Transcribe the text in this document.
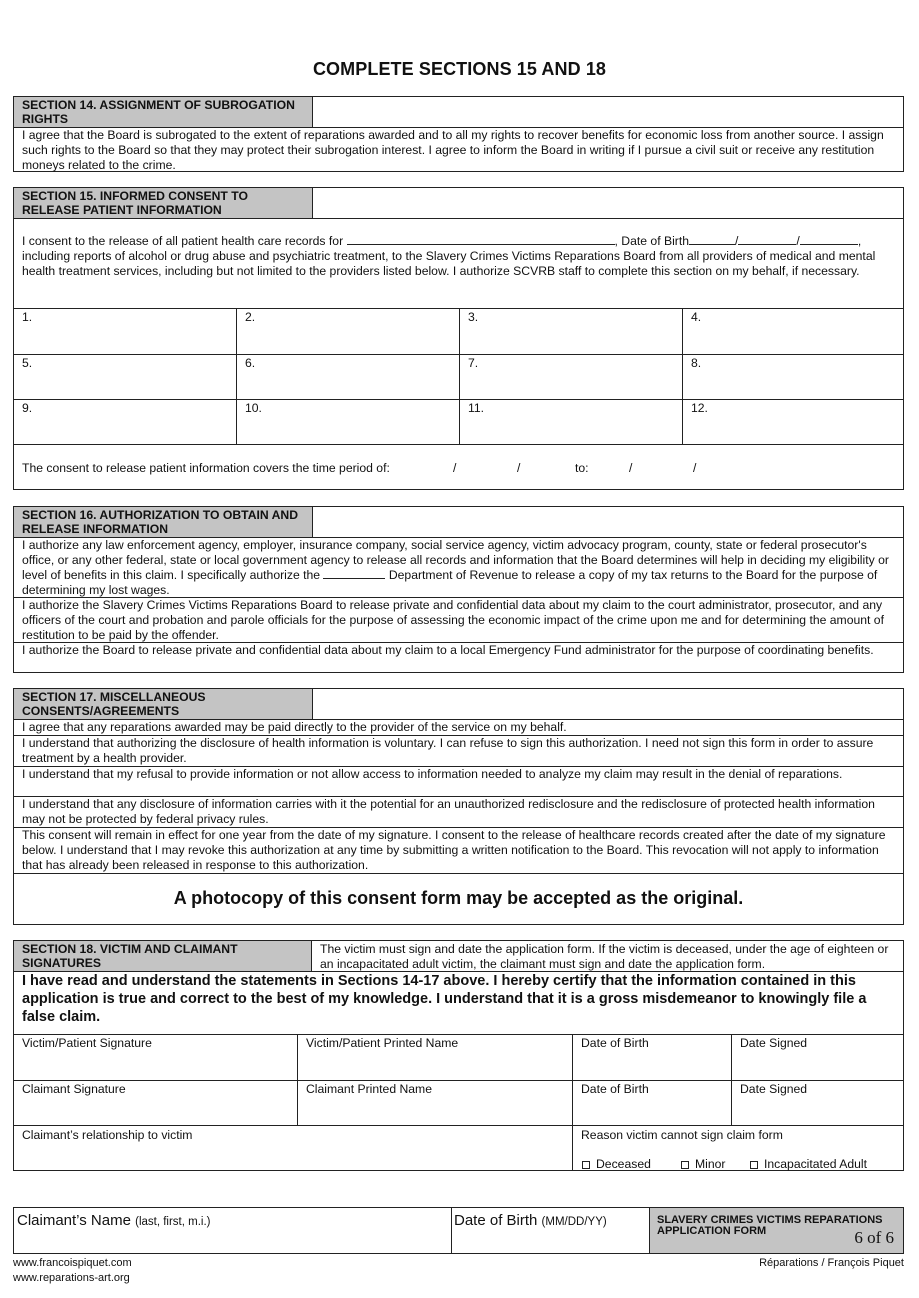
COMPLETE SECTIONS 15 AND 18
SECTION 14. ASSIGNMENT OF SUBROGATION RIGHTS
I agree that the Board is subrogated to the extent of reparations awarded and to all my rights to recover benefits for economic loss from another source. I assign such rights to the Board so that they may protect their subrogation interest. I agree to inform the Board in writing if I pursue a civil suit or receive any restitution moneys related to the crime.
SECTION 15. INFORMED CONSENT TO RELEASE PATIENT INFORMATION
I consent to the release of all patient health care records for	, Date of Birth	/	/	, including reports of alcohol or drug abuse and psychiatric treatment, to the Slavery Crimes Victims Reparations Board from all providers of medical and mental health treatment services, including but not limited to the providers listed below. I authorize SCVRB staff to complete this section on my behalf, if necessary.
1.	2.	3.	4.
5.	6.	7.	8.
9.	10.	11.	12.
The consent to release patient information covers the time period of:	/	/	to:	/	/
SECTION 16. AUTHORIZATION TO OBTAIN AND RELEASE INFORMATION
I authorize any law enforcement agency, employer, insurance company, social service agency, victim advocacy program, county, state or federal prosecutor's office, or any other federal, state or local government agency to release all records and information that the Board determines will help in deciding my eligibility or level of benefits in this claim. I specifically authorize the	Department of Revenue to release a copy of my tax returns to the Board for the purpose of determining my lost wages.
I authorize the Slavery Crimes Victims Reparations Board to release private and confidential data about my claim to the court administrator, prosecutor, and any officers of the court and probation and parole officials for the purpose of assessing the economic impact of the crime upon me and for determining the amount of restitution to be paid by the offender.
I authorize the Board to release private and confidential data about my claim to a local Emergency Fund administrator for the purpose of coordinating benefits.
SECTION 17. MISCELLANEOUS CONSENTS/AGREEMENTS
I agree that any reparations awarded may be paid directly to the provider of the service on my behalf.
I understand that authorizing the disclosure of health information is voluntary. I can refuse to sign this authorization. I need not sign this form in order to assure treatment by a health provider.
I understand that my refusal to provide information or not allow access to information needed to analyze my claim may result in the denial of reparations.
I understand that any disclosure of information carries with it the potential for an unauthorized redisclosure and the redisclosure of protected health information may not be protected by federal privacy rules.
This consent will remain in effect for one year from the date of my signature. I consent to the release of healthcare records created after the date of my signature below. I understand that I may revoke this authorization at any time by submitting a written notification to the Board. This revocation will not apply to information that has already been released in response to this authorization.
A photocopy of this consent form may be accepted as the original.
SECTION 18. VICTIM AND CLAIMANT SIGNATURES
The victim must sign and date the application form. If the victim is deceased, under the age of eighteen or an incapacitated adult victim, the claimant must sign and date the application form.
I have read and understand the statements in Sections 14-17 above. I hereby certify that the information contained in this application is true and correct to the best of my knowledge. I understand that it is a gross misdemeanor to knowingly file a false claim.
Victim/Patient Signature	Victim/Patient Printed Name	Date of Birth	Date Signed
Claimant Signature	Claimant Printed Name	Date of Birth	Date Signed
Claimant’s relationship to victim	Reason victim cannot sign claim form
Deceased	Minor	Incapacitated Adult
Claimant’s Name (last, first, m.i.)	Date of Birth (MM/DD/YY)	SLAVERY CRIMES VICTIMS REPARATIONS APPLICATION FORM	6 of 6
www.francoispiquet.com
www.reparations-art.org
Réparations / François Piquet
